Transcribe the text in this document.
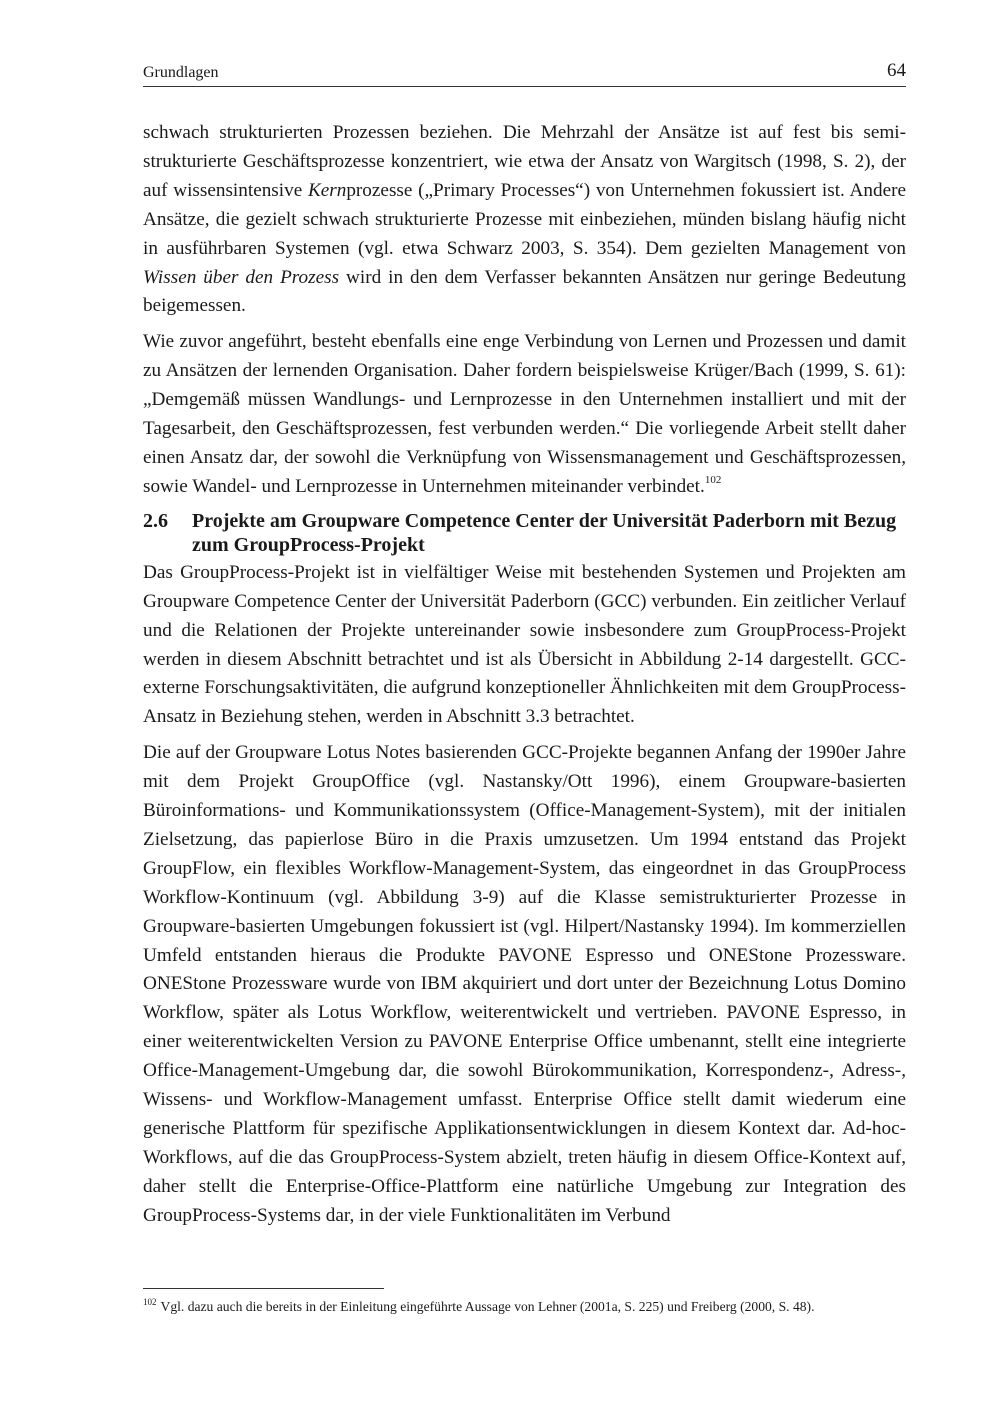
Grundlagen	64

schwach strukturierten Prozessen beziehen. Die Mehrzahl der Ansätze ist auf fest bis semi-strukturierte Geschäftsprozesse konzentriert, wie etwa der Ansatz von Wargitsch (1998, S. 2), der auf wissensintensive Kernprozesse („Primary Processes“) von Unternehmen fokussiert ist. Andere Ansätze, die gezielt schwach strukturierte Prozesse mit einbeziehen, münden bislang häufig nicht in ausführbaren Systemen (vgl. etwa Schwarz 2003, S. 354). Dem gezielten Management von Wissen über den Prozess wird in den dem Verfasser bekannten Ansätzen nur geringe Bedeutung beigemessen.

Wie zuvor angeführt, besteht ebenfalls eine enge Verbindung von Lernen und Prozessen und damit zu Ansätzen der lernenden Organisation. Daher fordern beispielsweise Krüger/Bach (1999, S. 61): „Demgemäß müssen Wandlungs- und Lernprozesse in den Unternehmen installiert und mit der Tagesarbeit, den Geschäftsprozessen, fest verbunden werden.“ Die vorliegende Arbeit stellt daher einen Ansatz dar, der sowohl die Verknüpfung von Wissensmanagement und Geschäftsprozessen, sowie Wandel- und Lernprozesse in Unternehmen miteinander verbindet.$^{102}$

2.6	Projekte am Groupware Competence Center der Universität Paderborn mit Bezug zum GroupProcess-Projekt

Das GroupProcess-Projekt ist in vielfältiger Weise mit bestehenden Systemen und Projekten am Groupware Competence Center der Universität Paderborn (GCC) verbunden. Ein zeitlicher Verlauf und die Relationen der Projekte untereinander sowie insbesondere zum GroupProcess-Projekt werden in diesem Abschnitt betrachtet und ist als Übersicht in Abbildung 2-14 dargestellt. GCC-externe Forschungsaktivitäten, die aufgrund konzeptioneller Ähnlichkeiten mit dem GroupProcess-Ansatz in Beziehung stehen, werden in Abschnitt 3.3 betrachtet.

Die auf der Groupware Lotus Notes basierenden GCC-Projekte begannen Anfang der 1990er Jahre mit dem Projekt GroupOffice (vgl. Nastansky/Ott 1996), einem Groupware-basierten Büroinformations- und Kommunikationssystem (Office-Management-System), mit der initialen Zielsetzung, das papierlose Büro in die Praxis umzusetzen. Um 1994 entstand das Projekt GroupFlow, ein flexibles Workflow-Management-System, das eingeordnet in das GroupProcess Workflow-Kontinuum (vgl. Abbildung 3-9) auf die Klasse semistrukturierter Prozesse in Groupware-basierten Umgebungen fokussiert ist (vgl. Hilpert/Nastansky 1994). Im kommerziellen Umfeld entstanden hieraus die Produkte PAVONE Espresso und ONEStone Prozessware. ONEStone Prozessware wurde von IBM akquiriert und dort unter der Bezeichnung Lotus Domino Workflow, später als Lotus Workflow, weiterentwickelt und vertrieben. PAVONE Espresso, in einer weiterentwickelten Version zu PAVONE Enterprise Office umbenannt, stellt eine integrierte Office-Management-Umgebung dar, die sowohl Bürokommunikation, Korrespondenz-, Adress-, Wissens- und Workflow-Management umfasst. Enterprise Office stellt damit wiederum eine generische Plattform für spezifische Applikationsentwicklungen in diesem Kontext dar. Ad-hoc-Workflows, auf die das GroupProcess-System abzielt, treten häufig in diesem Office-Kontext auf, daher stellt die Enterprise-Office-Plattform eine natürliche Umgebung zur Integration des GroupProcess-Systems dar, in der viele Funktionalitäten im Verbund

$^{102}$ Vgl. dazu auch die bereits in der Einleitung eingeführte Aussage von Lehner (2001a, S. 225) und Freiberg (2000, S. 48).
